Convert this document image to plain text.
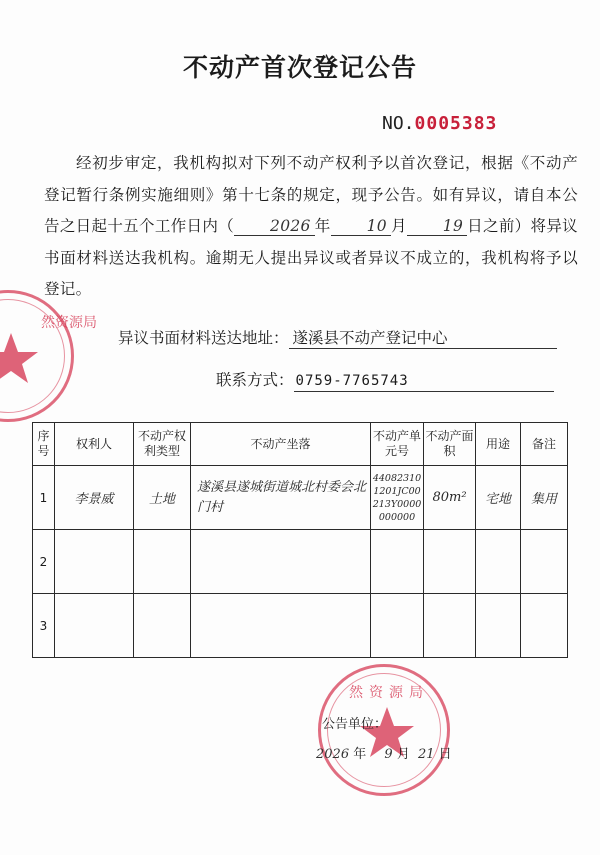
不动产首次登记公告
NO.0005383
经初步审定，我机构拟对下列不动产权利予以首次登记，根据《不动产登记暂行条例实施细则》第十七条的规定，现予公告。如有异议，请自本公告之日起十五个工作日内（ 2026 年 10 月 19 日之前）将异议书面材料送达我机构。逾期无人提出异议或者异议不成立的，我机构将予以登记。
异议书面材料送达地址： 遂溪县不动产登记中心
联系方式： 0759-7765743
序号	权利人	不动产权利类型	不动产坐落	不动产单元号	不动产面积	用途	备注
1	李景威	土地	遂溪县遂城街道城北村委会北门村	440823101201JC00213Y0000000000	80m²	宅地	集用
2							
3							
然资源局
然资源局
公告单位：
2026 年 9 月 21 日
